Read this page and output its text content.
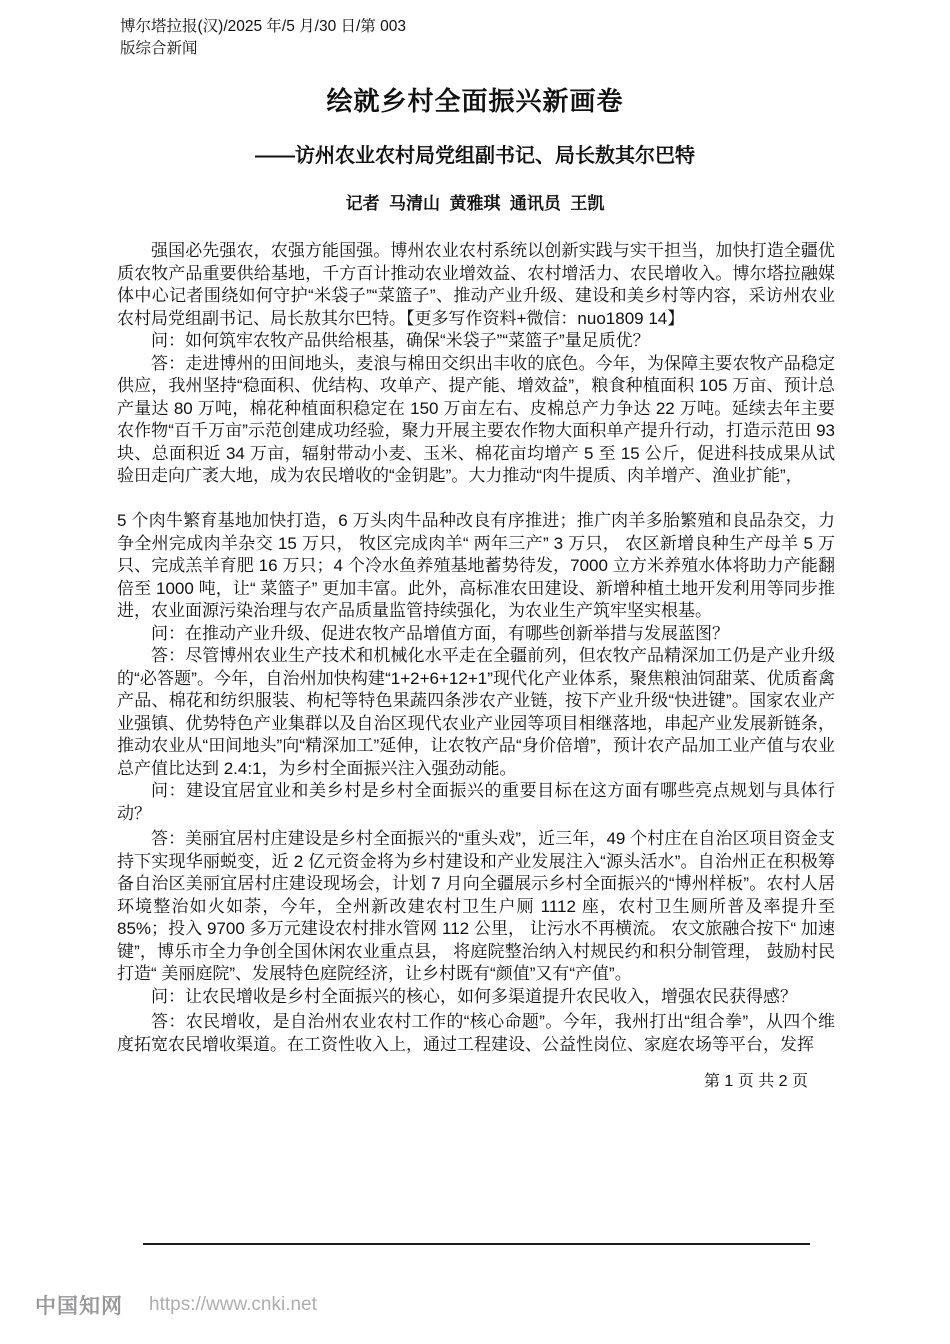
博尔塔拉报(汉)/2025 年/5 月/30 日/第 003
版综合新闻
绘就乡村全面振兴新画卷
——访州农业农村局党组副书记、局长敖其尔巴特
记者  马清山  黄雅琪  通讯员  王凯

强国必先强农，农强方能国强。博州农业农村系统以创新实践与实干担当，加快打造全疆优质农牧产品重要供给基地，千方百计推动农业增效益、农村增活力、农民增收入。博尔塔拉融媒体中心记者围绕如何守护“米袋子”“菜篮子”、推动产业升级、建设和美乡村等内容，采访州农业农村局党组副书记、局长敖其尔巴特。【更多写作资料+微信：nuo1809 14】

问：如何筑牢农牧产品供给根基，确保“米袋子”“菜篮子”量足质优？

答：走进博州的田间地头，麦浪与棉田交织出丰收的底色。今年，为保障主要农牧产品稳定供应，我州坚持“稳面积、优结构、攻单产、提产能、增效益”，粮食种植面积 105 万亩、预计总产量达 80 万吨，棉花种植面积稳定在 150 万亩左右、皮棉总产力争达 22 万吨。延续去年主要农作物“百千万亩”示范创建成功经验，聚力开展主要农作物大面积单产提升行动，打造示范田 93 块、总面积近 34 万亩，辐射带动小麦、玉米、棉花亩均增产 5 至 15 公斤，促进科技成果从试验田走向广袤大地，成为农民增收的“金钥匙”。大力推动“肉牛提质、肉羊增产、渔业扩能”，

5 个肉牛繁育基地加快打造，6 万头肉牛品种改良有序推进；推广肉羊多胎繁殖和良品杂交，力争全州完成肉羊杂交 15 万只， 牧区完成肉羊“ 两年三产” 3 万只， 农区新增良种生产母羊 5 万只、完成羔羊育肥 16 万只；4 个冷水鱼养殖基地蓄势待发，7000 立方米养殖水体将助力产能翻倍至 1000 吨，让“ 菜篮子” 更加丰富。此外，高标准农田建设、新增种植土地开发利用等同步推进，农业面源污染治理与农产品质量监管持续强化，为农业生产筑牢坚实根基。

问：在推动产业升级、促进农牧产品增值方面，有哪些创新举措与发展蓝图？

答：尽管博州农业生产技术和机械化水平走在全疆前列，但农牧产品精深加工仍是产业升级的“必答题”。今年，自治州加快构建“1+2+6+12+1”现代化产业体系，聚焦粮油饲甜菜、优质畜禽产品、棉花和纺织服装、枸杞等特色果蔬四条涉农产业链，按下产业升级“快进键”。国家农业产业强镇、优势特色产业集群以及自治区现代农业产业园等项目相继落地，串起产业发展新链条，推动农业从“田间地头”向“精深加工”延伸，让农牧产品“身价倍增”，预计农产品加工业产值与农业总产值比达到 2.4:1，为乡村全面振兴注入强劲动能。

问：建设宜居宜业和美乡村是乡村全面振兴的重要目标在这方面有哪些亮点规划与具体行动？

答：美丽宜居村庄建设是乡村全面振兴的“重头戏”，近三年，49 个村庄在自治区项目资金支持下实现华丽蜕变，近 2 亿元资金将为乡村建设和产业发展注入“源头活水”。自治州正在积极筹备自治区美丽宜居村庄建设现场会，计划 7 月向全疆展示乡村全面振兴的“博州样板”。农村人居环境整治如火如荼，今年，全州新改建农村卫生户厕 1112 座，农村卫生厕所普及率提升至 85%；投入 9700 多万元建设农村排水管网 112 公里， 让污水不再横流。 农文旅融合按下“ 加速键”，博乐市全力争创全国休闲农业重点县， 将庭院整治纳入村规民约和积分制管理， 鼓励村民打造“ 美丽庭院”、发展特色庭院经济，让乡村既有“颜值”又有“产值”。

问：让农民增收是乡村全面振兴的核心，如何多渠道提升农民收入，增强农民获得感？

答：农民增收，是自治州农业农村工作的“核心命题”。今年，我州打出“组合拳”，从四个维度拓宽农民增收渠道。在工资性收入上，通过工程建设、公益性岗位、家庭农场等平台，发挥

第 1 页 共 2 页
中国知网 https://www.cnki.net
